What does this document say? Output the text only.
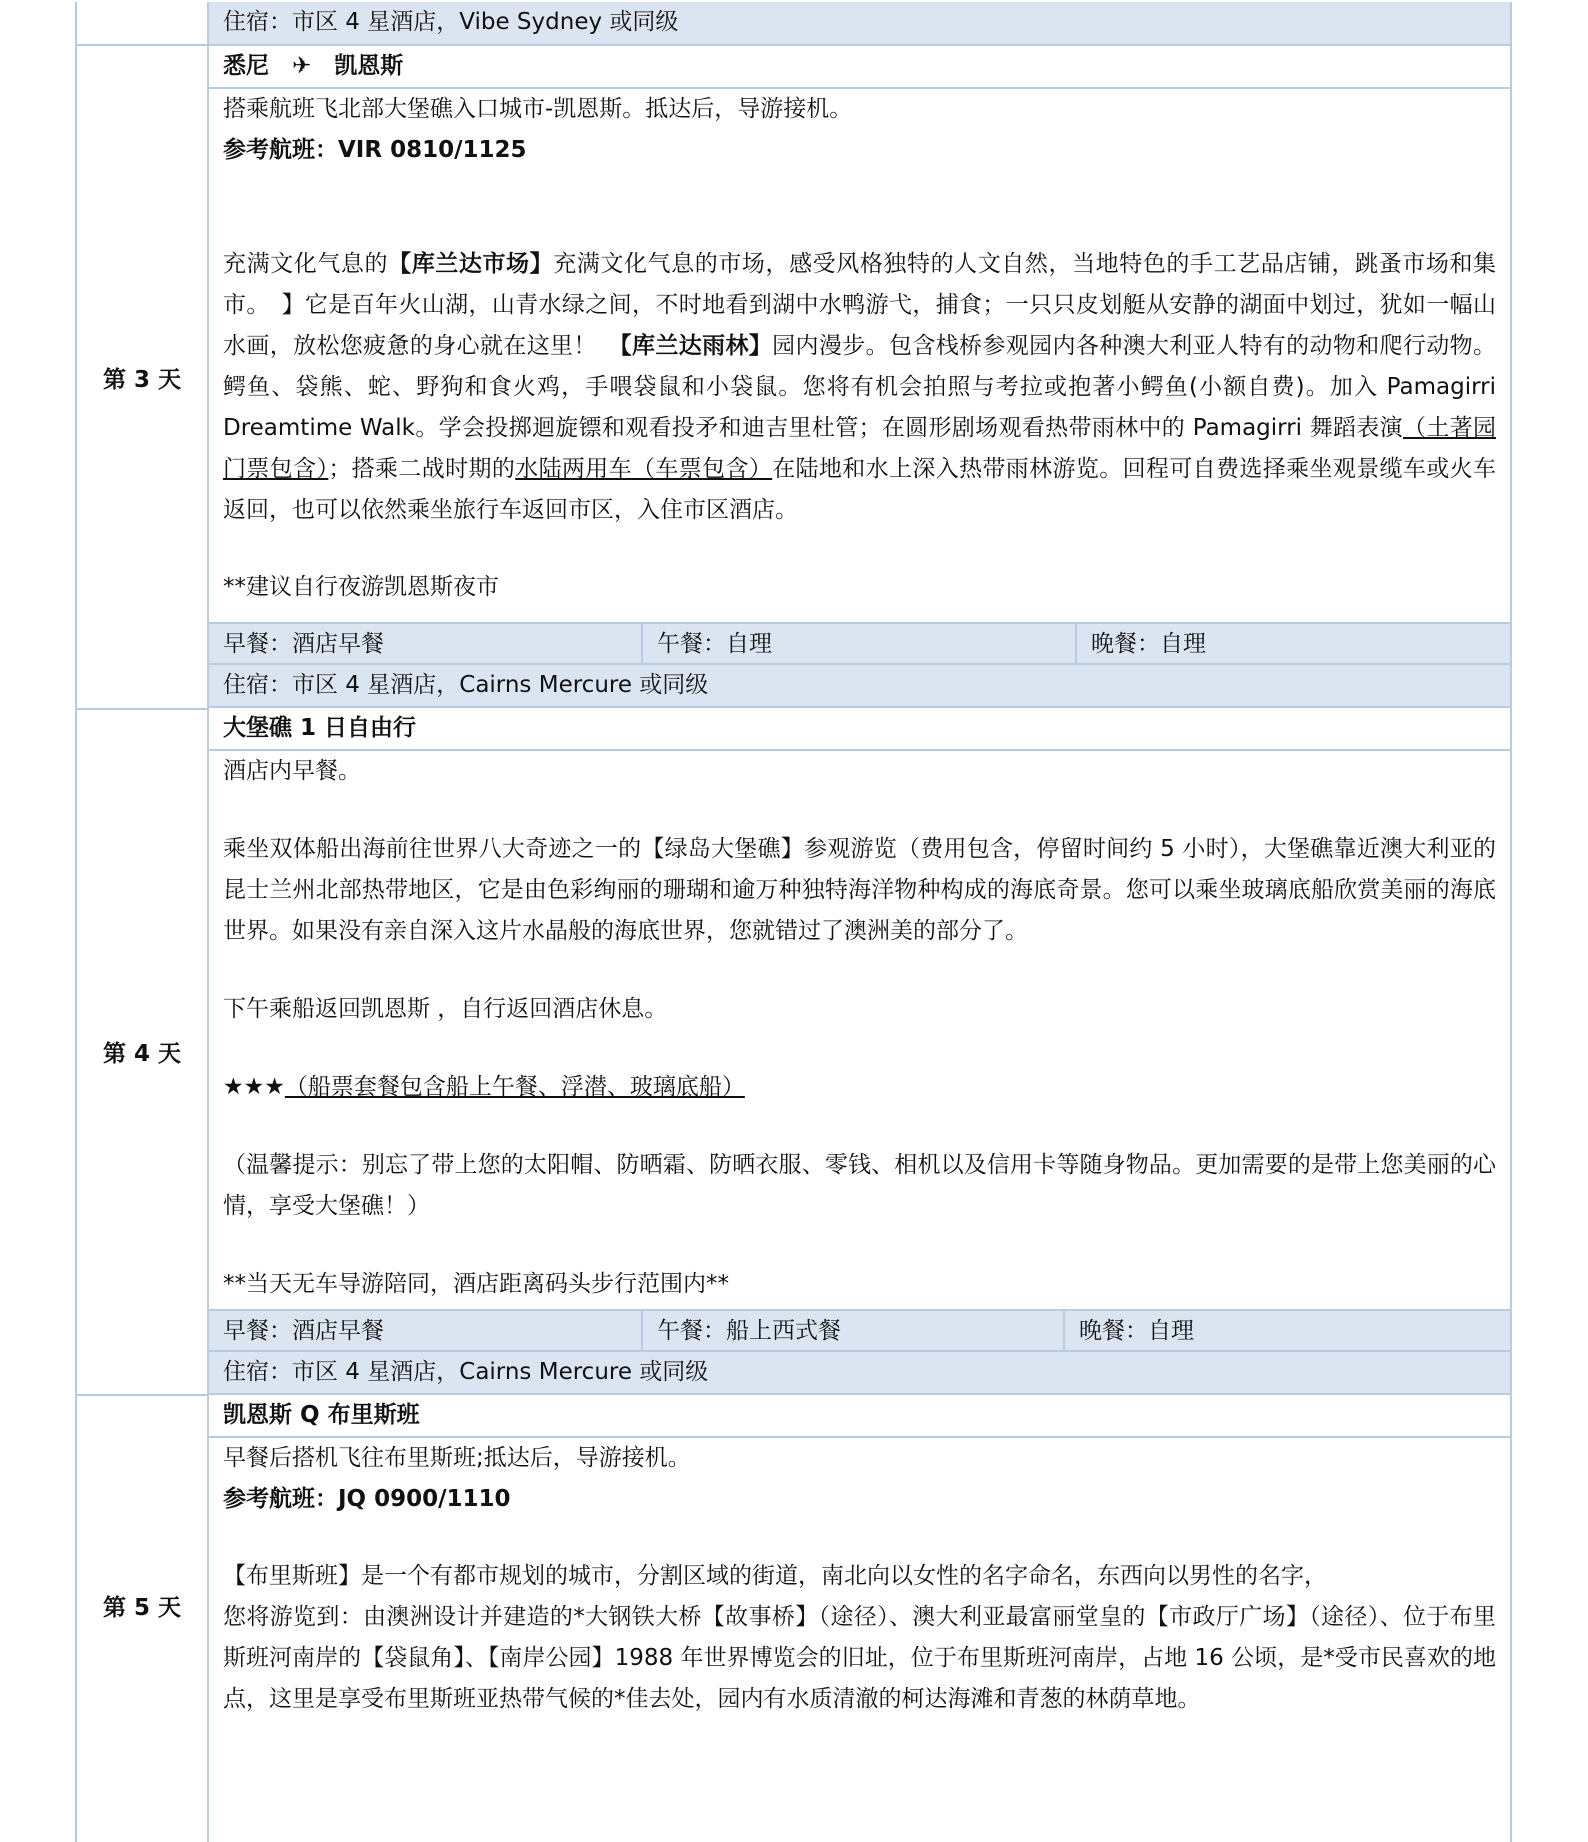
住宿：市区 4 星酒店，Vibe Sydney 或同级
第 3 天
悉尼　✈　凯恩斯

搭乘航班飞北部大堡礁入口城市-凯恩斯。抵达后，导游接机。

参考航班：VIR 0810/1125

充满文化气息的【库兰达市场】充满文化气息的市场，感受风格独特的人文自然，当地特色的手工艺品店铺，跳蚤市场和集市。　】它是百年火山湖，山青水绿之间，不时地看到湖中水鸭游弋，捕食；一只只皮划艇从安静的湖面中划过，犹如一幅山水画，放松您疲惫的身心就在这里！　【库兰达雨林】园内漫步。包含栈桥参观园内各种澳大利亚人特有的动物和爬行动物。鳄鱼、袋熊、蛇、野狗和食火鸡，手喂袋鼠和小袋鼠。您将有机会拍照与考拉或抱著小鳄鱼(小额自费)。加入 Pamagirri Dreamtime Walk。学会投掷迴旋镖和观看投矛和迪吉里杜管；在圆形剧场观看热带雨林中的 Pamagirri 舞蹈表演（土著园门票包含）；搭乘二战时期的水陆两用车（车票包含）在陆地和水上深入热带雨林游览。回程可自费选择乘坐观景缆车或火车返回，也可以依然乘坐旅行车返回市区，入住市区酒店。

**建议自行夜游凯恩斯夜市

早餐：酒店早餐	午餐：自理	晚餐：自理
住宿：市区 4 星酒店，Cairns Mercure 或同级
第 4 天
大堡礁 1 日自由行

酒店内早餐。

乘坐双体船出海前往世界八大奇迹之一的【绿岛大堡礁】参观游览（费用包含，停留时间约 5 小时），大堡礁靠近澳大利亚的昆士兰州北部热带地区，它是由色彩绚丽的珊瑚和逾万种独特海洋物种构成的海底奇景。您可以乘坐玻璃底船欣赏美丽的海底世界。如果没有亲自深入这片水晶般的海底世界，您就错过了澳洲美的部分了。

下午乘船返回凯恩斯 ，自行返回酒店休息。

★★★（船票套餐包含船上午餐、浮潜、玻璃底船）

（温馨提示：别忘了带上您的太阳帽、防晒霜、防晒衣服、零钱、相机以及信用卡等随身物品。更加需要的是带上您美丽的心情，享受大堡礁！）

**当天无车导游陪同，酒店距离码头步行范围内**

早餐：酒店早餐	午餐：船上西式餐	晚餐：自理
住宿：市区 4 星酒店，Cairns Mercure 或同级
第 5 天
凯恩斯 Q 布里斯班

早餐后搭机飞往布里斯班;抵达后，导游接机。

参考航班：JQ 0900/1110

【布里斯班】是一个有都市规划的城市，分割区域的街道，南北向以女性的名字命名，东西向以男性的名字，

您将游览到：由澳洲设计并建造的*大钢铁大桥【故事桥】（途径）、澳大利亚最富丽堂皇的【市政厅广场】（途径）、位于布里斯班河南岸的【袋鼠角】、【南岸公园】1988 年世界博览会的旧址，位于布里斯班河南岸，占地 16 公顷，是*受市民喜欢的地点，这里是享受布里斯班亚热带气候的*佳去处，园内有水质清澈的柯达海滩和青葱的林荫草地。
